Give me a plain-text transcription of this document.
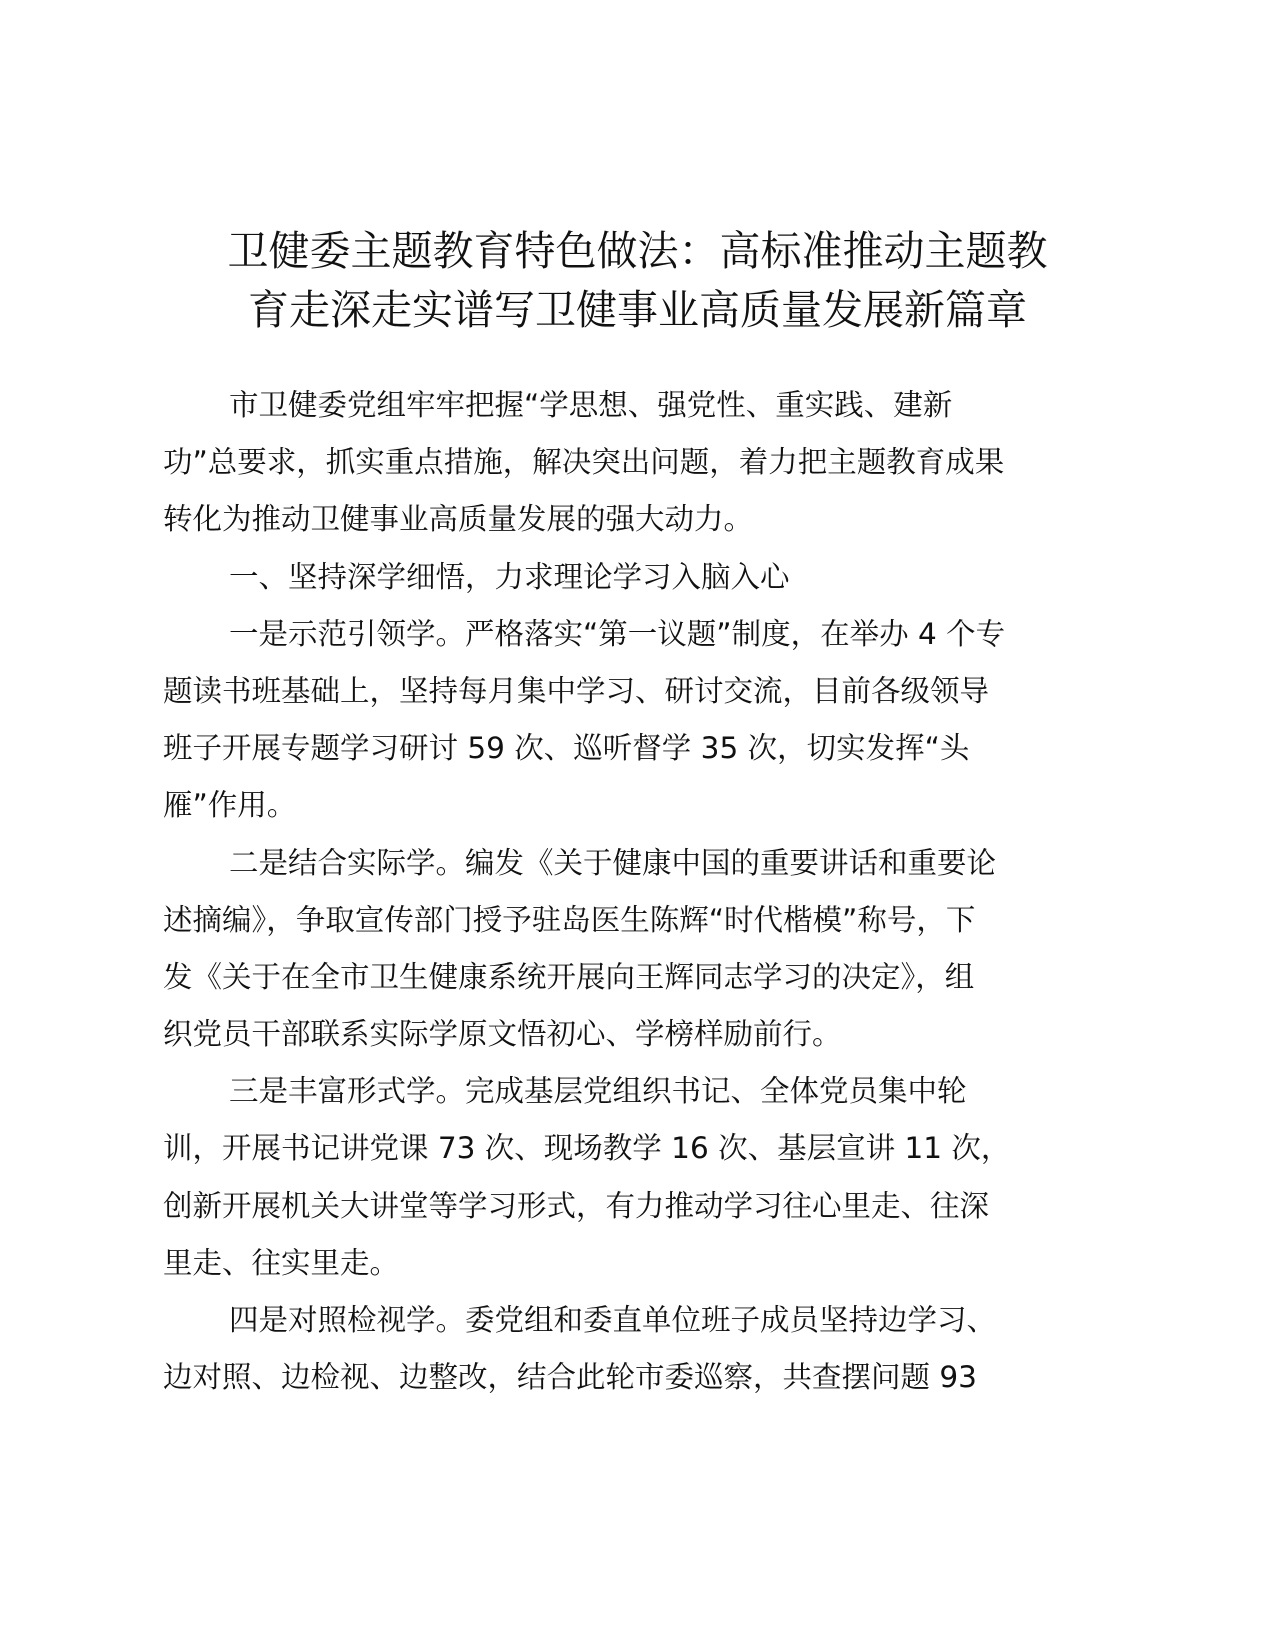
卫健委主题教育特色做法：高标准推动主题教
育走深走实谱写卫健事业高质量发展新篇章
市卫健委党组牢牢把握“学思想、强党性、重实践、建新
功”总要求，抓实重点措施，解决突出问题，着力把主题教育成果
转化为推动卫健事业高质量发展的强大动力。
一、坚持深学细悟，力求理论学习入脑入心
一是示范引领学。严格落实“第一议题”制度，在举办 4 个专
题读书班基础上，坚持每月集中学习、研讨交流，目前各级领导
班子开展专题学习研讨 59 次、巡听督学 35 次，切实发挥“头
雁”作用。
二是结合实际学。编发《关于健康中国的重要讲话和重要论
述摘编》，争取宣传部门授予驻岛医生陈辉“时代楷模”称号，下
发《关于在全市卫生健康系统开展向王辉同志学习的决定》，组
织党员干部联系实际学原文悟初心、学榜样励前行。
三是丰富形式学。完成基层党组织书记、全体党员集中轮
训，开展书记讲党课 73 次、现场教学 16 次、基层宣讲 11 次，
创新开展机关大讲堂等学习形式，有力推动学习往心里走、往深
里走、往实里走。
四是对照检视学。委党组和委直单位班子成员坚持边学习、
边对照、边检视、边整改，结合此轮市委巡察，共查摆问题 93
